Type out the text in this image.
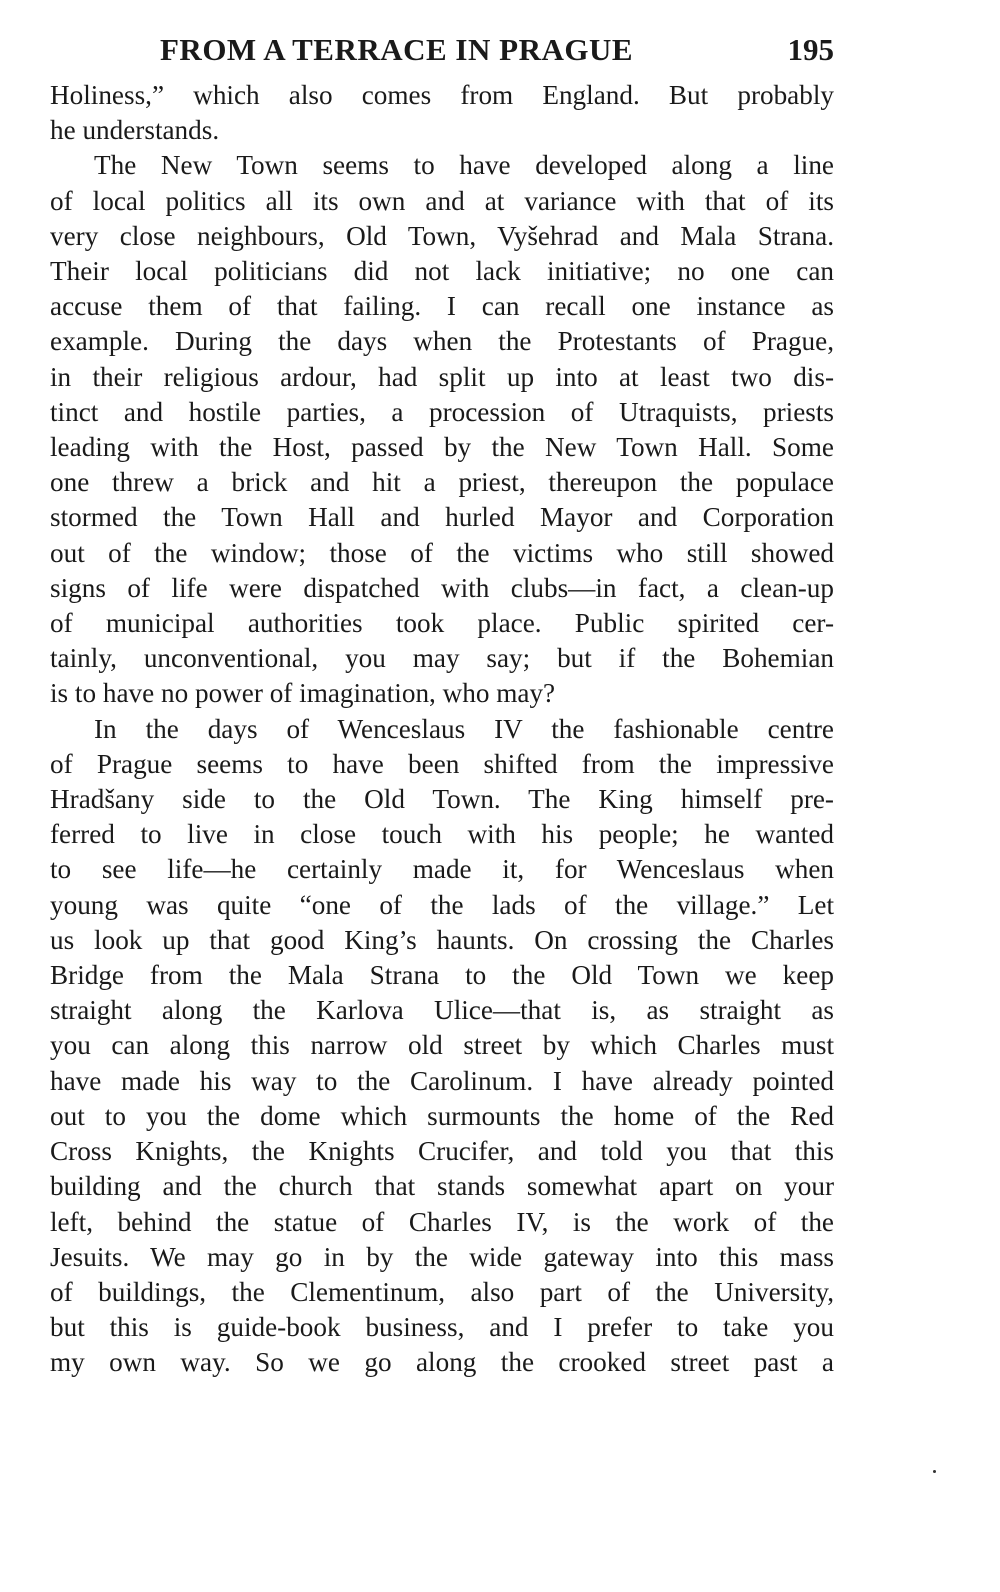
FROM A TERRACE IN PRAGUE	195

Holiness,” which also comes from England. But probably
he understands.

The New Town seems to have developed along a line
of local politics all its own and at variance with that of its
very close neighbours, Old Town, Vyšehrad and Mala Strana.
Their local politicians did not lack initiative; no one can
accuse them of that failing. I can recall one instance as
example. During the days when the Protestants of Prague,
in their religious ardour, had split up into at least two dis-
tinct and hostile parties, a procession of Utraquists, priests
leading with the Host, passed by the New Town Hall. Some
one threw a brick and hit a priest, thereupon the populace
stormed the Town Hall and hurled Mayor and Corporation
out of the window; those of the victims who still showed
signs of life were dispatched with clubs—in fact, a clean-up
of municipal authorities took place. Public spirited cer-
tainly, unconventional, you may say; but if the Bohemian
is to have no power of imagination, who may?

In the days of Wenceslaus IV the fashionable centre
of Prague seems to have been shifted from the impressive
Hradšany side to the Old Town. The King himself pre-
ferred to live in close touch with his people; he wanted
to see life—he certainly made it, for Wenceslaus when
young was quite “one of the lads of the village.” Let
us look up that good King’s haunts. On crossing the Charles
Bridge from the Mala Strana to the Old Town we keep
straight along the Karlova Ulice—that is, as straight as
you can along this narrow old street by which Charles must
have made his way to the Carolinum. I have already pointed
out to you the dome which surmounts the home of the Red
Cross Knights, the Knights Crucifer, and told you that this
building and the church that stands somewhat apart on your
left, behind the statue of Charles IV, is the work of the
Jesuits. We may go in by the wide gateway into this mass
of buildings, the Clementinum, also part of the University,
but this is guide-book business, and I prefer to take you
my own way. So we go along the crooked street past a
